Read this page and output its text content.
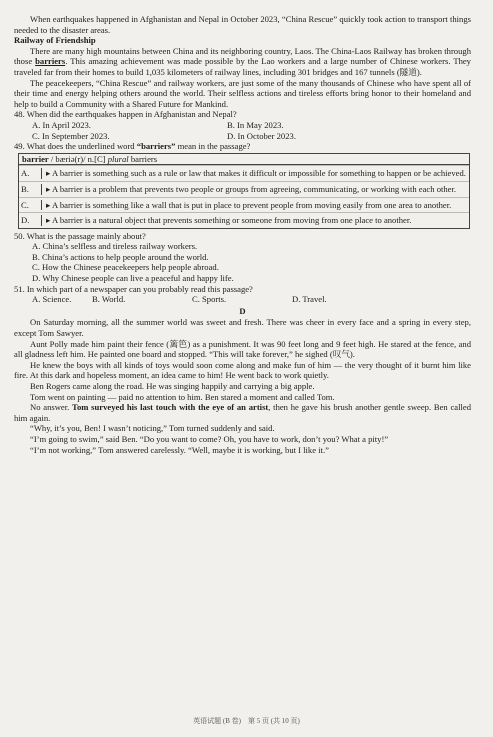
When earthquakes happened in Afghanistan and Nepal in October 2023, “China Rescue” quickly took action to transport things needed to the disaster areas.

Railway of Friendship

There are many high mountains between China and its neighboring country, Laos. The China-Laos Railway has broken through those barriers. This amazing achievement was made possible by the Lao workers and a large number of Chinese workers. They traveled far from their homes to build 1,035 kilometers of railway lines, including 301 bridges and 167 tunnels (隧道).

The peacekeepers, “China Rescue” and railway workers, are just some of the many thousands of Chinese who have spent all of their time and energy helping others around the world. Their selfless actions and tireless efforts bring honor to their homeland and help to build a Community with a Shared Future for Mankind.

48. When did the earthquakes happen in Afghanistan and Nepal?

A. In April 2023.	B. In May 2023.
C. In September 2023.	D. In October 2023.

49. What does the underlined word “barriers” mean in the passage?

barrier / bæriə(r)/ n.[C] plural barriers
A.	▸ A barrier is something such as a rule or law that makes it difficult or impossible for something to happen or be achieved.
B.	▸ A barrier is a problem that prevents two people or groups from agreeing, communicating, or working with each other.
C.	▸ A barrier is something like a wall that is put in place to prevent people from moving easily from one area to another.
D.	▸ A barrier is a natural object that prevents something or someone from moving from one place to another.

50. What is the passage mainly about?

A. China’s selfless and tireless railway workers.
B. China’s actions to help people around the world.
C. How the Chinese peacekeepers help people abroad.
D. Why Chinese people can live a peaceful and happy life.

51. In which part of a newspaper can you probably read this passage?

A. Science.	B. World.	C. Sports.	D. Travel.

D

On Saturday morning, all the summer world was sweet and fresh. There was cheer in every face and a spring in every step, except Tom Sawyer.

Aunt Polly made him paint their fence (篱笆) as a punishment. It was 90 feet long and 9 feet high. He stared at the fence, and all gladness left him. He painted one board and stopped. “This will take forever,” he sighed (叹气).

He knew the boys with all kinds of toys would soon come along and make fun of him — the very thought of it burnt him like fire. At this dark and hopeless moment, an idea came to him! He went back to work quietly.

Ben Rogers came along the road. He was singing happily and carrying a big apple.

Tom went on painting — paid no attention to him. Ben stared a moment and called Tom.

No answer. Tom surveyed his last touch with the eye of an artist, then he gave his brush another gentle sweep. Ben called him again.

“Why, it’s you, Ben! I wasn’t noticing,” Tom turned suddenly and said.

“I’m going to swim,” said Ben. “Do you want to come? Oh, you have to work, don’t you? What a pity!”

“I’m not working,” Tom answered carelessly. “Well, maybe it is working, but I like it.”

英语试题 (B 卷)　第 5 页 (共 10 页)
